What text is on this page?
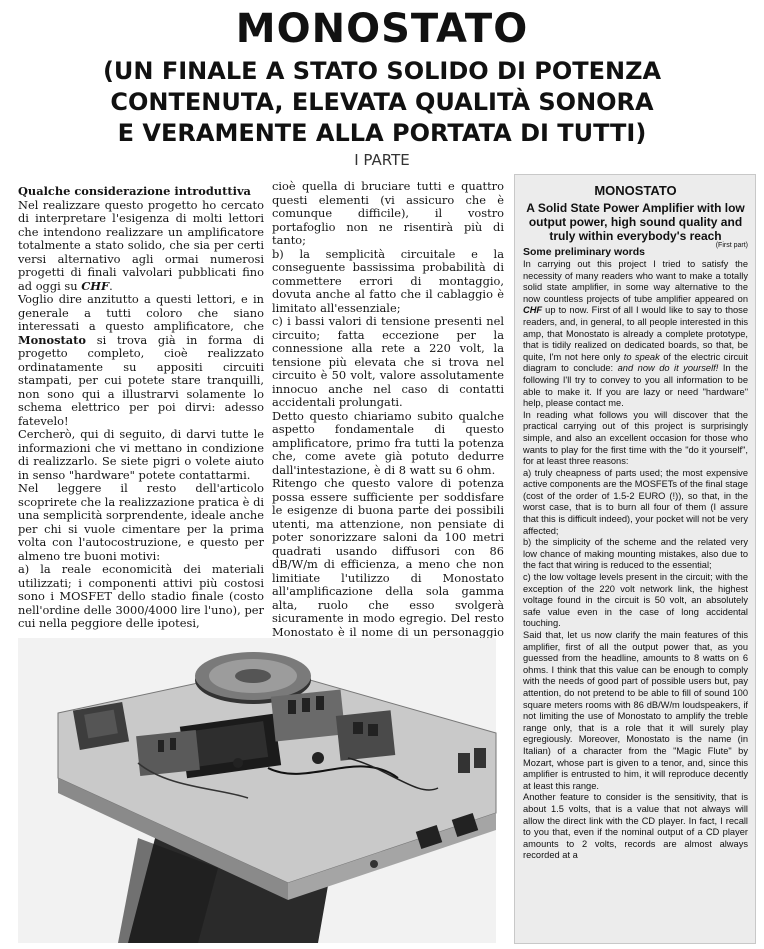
MONOSTATO
(UN FINALE A STATO SOLIDO DI POTENZA
CONTENUTA, ELEVATA QUALITÀ SONORA
E VERAMENTE ALLA PORTATA DI TUTTI)
I PARTE

Qualche considerazione introduttiva

Nel realizzare questo progetto ho cercato di interpretare l'esigenza di molti lettori che intendono realizzare un amplificatore totalmente a stato solido, che sia per certi versi alternativo agli ormai numerosi progetti di finali valvolari pubblicati fino ad oggi su CHF.

Voglio dire anzitutto a questi lettori, e in generale a tutti coloro che siano interessati a questo amplificatore, che Monostato si trova già in forma di progetto completo, cioè realizzato ordinatamente su appositi circuiti stampati, per cui potete stare tranquilli, non sono qui a illustrarvi solamente lo schema elettrico per poi dirvi: adesso fatevelo!

Cercherò, qui di seguito, di darvi tutte le informazioni che vi mettano in condizione di realizzarlo. Se siete pigri o volete aiuto in senso "hardware" potete contattarmi.

Nel leggere il resto dell'articolo scoprirete che la realizzazione pratica è di una semplicità sorprendente, ideale anche per chi si vuole cimentare per la prima volta con l'autocostruzione, e questo per almeno tre buoni motivi:

a) la reale economicità dei materiali utilizzati; i componenti attivi più costosi sono i MOSFET dello stadio finale (costo nell'ordine delle 3000/4000 lire l'uno), per cui nella peggiore delle ipotesi,

cioè quella di bruciare tutti e quattro questi elementi (vi assicuro che è comunque difficile), il vostro portafoglio non ne risentirà più di tanto;

b) la semplicità circuitale e la conseguente bassissima probabilità di commettere errori di montaggio, dovuta anche al fatto che il cablaggio è limitato all'essenziale;

c) i bassi valori di tensione presenti nel circuito; fatta eccezione per la connessione alla rete a 220 volt, la tensione più elevata che si trova nel circuito è 50 volt, valore assolutamente innocuo anche nel caso di contatti accidentali prolungati.

Detto questo chiariamo subito qualche aspetto fondamentale di questo amplificatore, primo fra tutti la potenza che, come avete già potuto dedurre dall'intestazione, è di 8 watt su 6 ohm.

Ritengo che questo valore di potenza possa essere sufficiente per soddisfare le esigenze di buona parte dei possibili utenti, ma attenzione, non pensiate di poter sonorizzare saloni da 100 metri quadrati usando diffusori con 86 dB/W/m di efficienza, a meno che non limitiate l'utilizzo di Monostato all'amplificazione della sola gamma alta, ruolo che esso svolgerà sicuramente in modo egregio. Del resto Monostato è il nome di un personaggio

MONOSTATO
A Solid State Power Amplifier with low output power, high sound quality and truly within everybody's reach
(First part)
Some preliminary words

In carrying out this project I tried to satisfy the necessity of many readers who want to make a totally solid state amplifier, in some way alternative to the now countless projects of tube amplifier appeared on CHF up to now. First of all I would like to say to those readers, and, in general, to all people interested in this amp, that Monostato is already a complete prototype, that is tidily realized on dedicated boards, so that, be quite, I'm not here only to speak of the electric circuit diagram to conclude: and now do it yourself! In the following I'll try to convey to you all information to be able to make it. If you are lazy or need "hardware" help, please contact me.

In reading what follows you will discover that the practical carrying out of this project is surprisingly simple, and also an excellent occasion for those who wants to play for the first time with the "do it yourself", for at least three reasons:

a) truly cheapness of parts used; the most expensive active components are the MOSFETs of the final stage (cost of the order of 1.5-2 EURO (!)), so that, in the worst case, that is to burn all four of them (I assure that this is difficult indeed), your pocket will not be very affected;

b) the simplicity of the scheme and the related very low chance of making mounting mistakes, also due to the fact that wiring is reduced to the essential;

c) the low voltage levels present in the circuit; with the exception of the 220 volt network link, the highest voltage found in the circuit is 50 volt, an absolutely safe value even in the case of long accidental touching.

Said that, let us now clarify the main features of this amplifier, first of all the output power that, as you guessed from the headline, amounts to 8 watts on 6 ohms. I think that this value can be enough to comply with the needs of good part of possible users but, pay attention, do not pretend to be able to fill of sound 100 square meters rooms with 86 dB/W/m loudspeakers, if not limiting the use of Monostato to amplify the treble range only, that is a role that it will surely play egregiously. Moreover, Monostato is the name (in Italian) of a character from the "Magic Flute" by Mozart, whose part is given to a tenor, and, since this amplifier is entrusted to him, it will reproduce decently at least this range.

Another feature to consider is the sensitivity, that is about 1.5 volts, that is a value that not always will allow the direct link with the CD player. In fact, I recall to you that, even if the nominal output of a CD player amounts to 2 volts, records are almost always recorded at a
